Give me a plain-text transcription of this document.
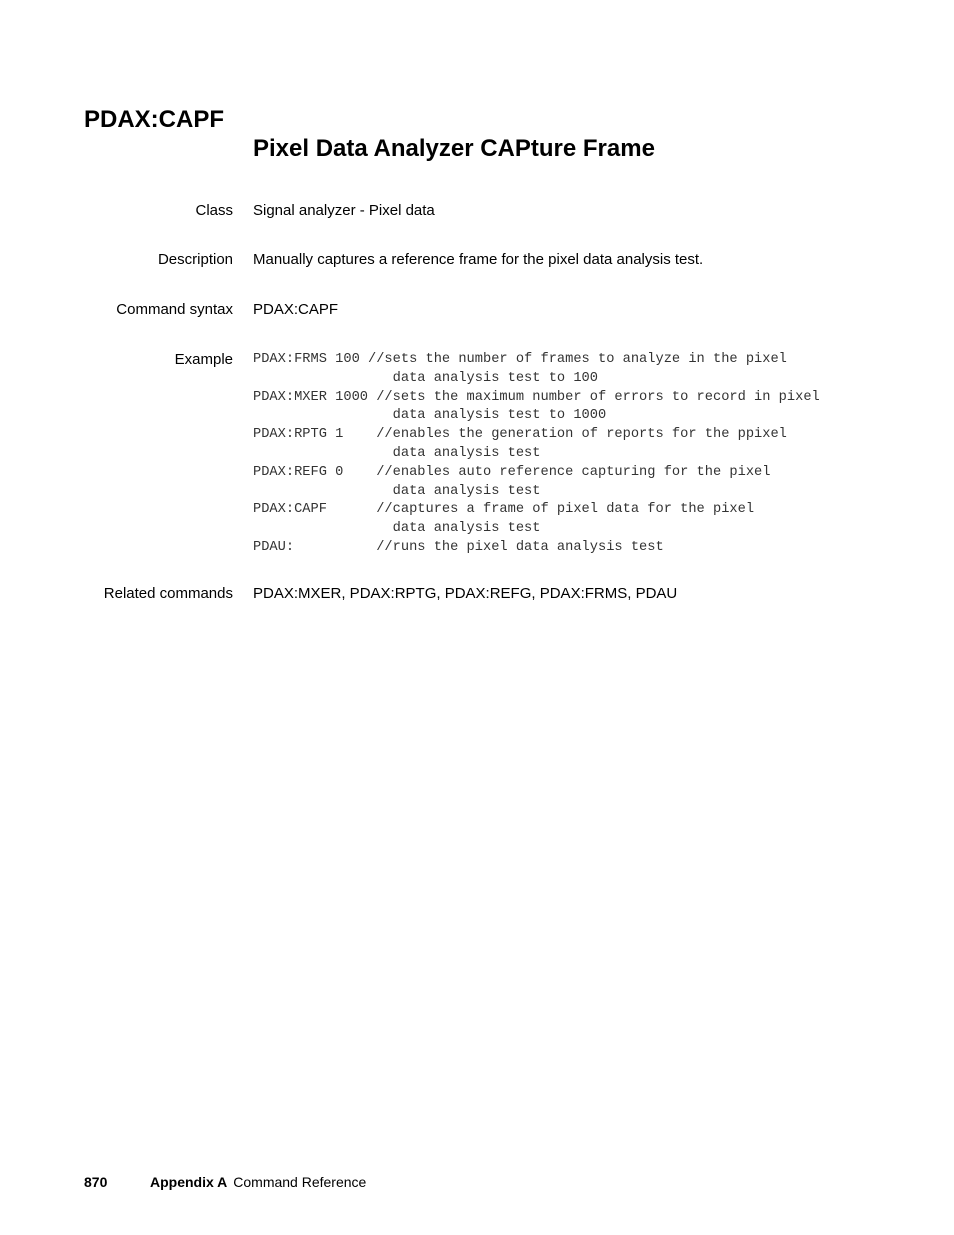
PDAX:CAPF
Pixel Data Analyzer CAPture Frame
Class Signal analyzer - Pixel data
Description Manually captures a reference frame for the pixel data analysis test.
Command syntax PDAX:CAPF
Example PDAX:FRMS 100 //sets the number of frames to analyze in the pixel
data analysis test to 100
PDAX:MXER 1000 //sets the maximum number of errors to record in pixel
data analysis test to 1000
PDAX:RPTG 1    //enables the generation of reports for the ppixel
data analysis test
PDAX:REFG 0    //enables auto reference capturing for the pixel
data analysis test
PDAX:CAPF      //captures a frame of pixel data for the pixel
data analysis test
PDAU:          //runs the pixel data analysis test
Related commands PDAX:MXER, PDAX:RPTG, PDAX:REFG, PDAX:FRMS, PDAU
870	Appendix A Command Reference
